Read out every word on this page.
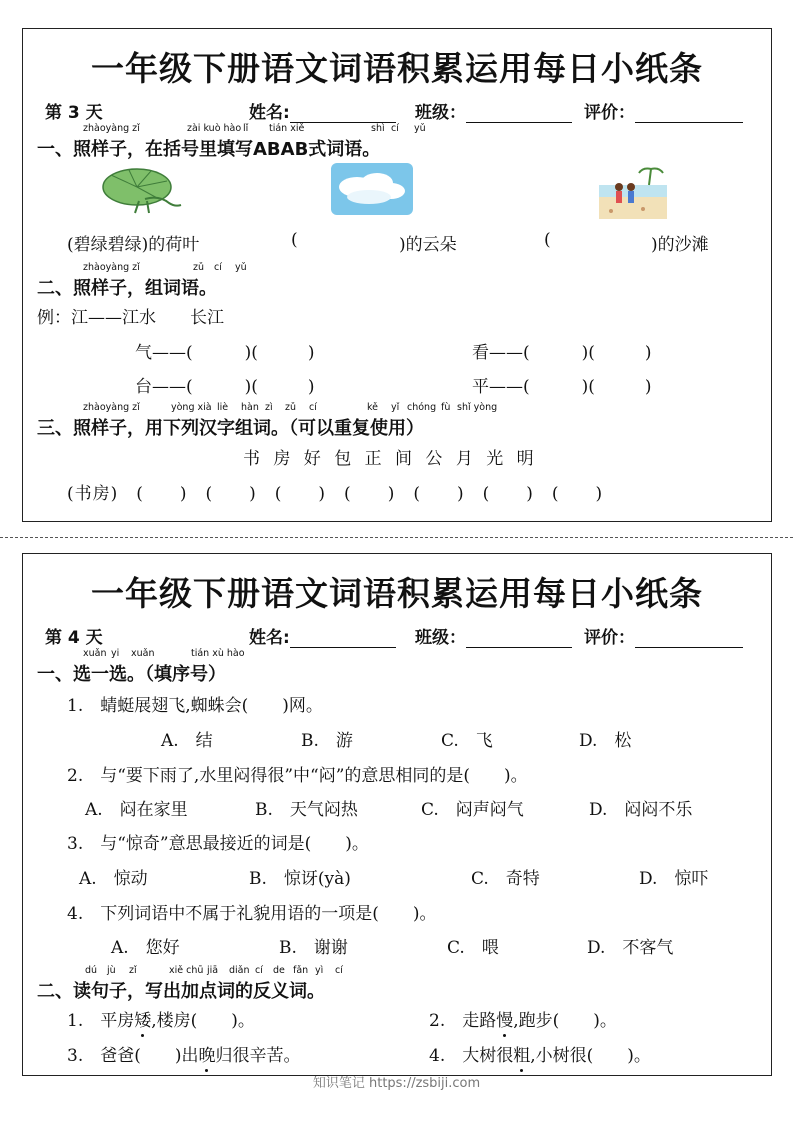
一年级下册语文词语积累运用每日小纸条
第 3 天	姓名:	班级：	评价：
zhàoyàng zǐ	zài kuò hào lǐ tián xiě	shì cí yǔ
一、照样子，在括号里填写ABAB式词语。
(碧绿碧绿)的荷叶	(	)的云朵	(	)的沙滩
zhàoyàng zǐ	zǔ cí yǔ
二、照样子，组词语。
例：江——江水　　长江
气——(	)(	)	看——(	)(	)
台——(	)(	)	平——(	)(	)
zhàoyàng zǐ	yòng xià liè hàn zì zǔ cí	kě yǐ chóng fù shǐ yòng
三、照样子，用下列汉字组词。（可以重复使用）
书 房 好 包 正 间 公 月 光 明
(书房)　(　　)　(　　)　(　　)　(　　)　(　　)　(　　)　(　　)
一年级下册语文词语积累运用每日小纸条
第 4 天	姓名:	班级：	评价：
xuǎn yi xuǎn	tián xù hào
一、选一选。（填序号）
1.　蜻蜓展翅飞,蜘蛛会(　　)网。
A.　结	B.　游	C.　飞	D.　松
2.　与“要下雨了,水里闷得很”中“闷”的意思相同的是(　　)。
A.　闷在家里	B.　天气闷热	C.　闷声闷气	D.　闷闷不乐
3.　与“惊奇”意思最接近的词是(　　)。
A.　惊动	B.　惊讶(yà)	C.　奇特	D.　惊吓
4.　下列词语中不属于礼貌用语的一项是(　　)。
A.　您好	B.　谢谢	C.　喂	D.　不客气
dú jù zǐ	xiě chū jiā diǎn cí de fǎn yì cí
二、读句子，写出加点词的反义词。
1.　平房矮,楼房(　　)。	2.　走路慢,跑步(　　)。
3.　爸爸(　　)出晚归很辛苦。	4.　大树很粗,小树很(　　)。
知识笔记 https://zsbiji.com
